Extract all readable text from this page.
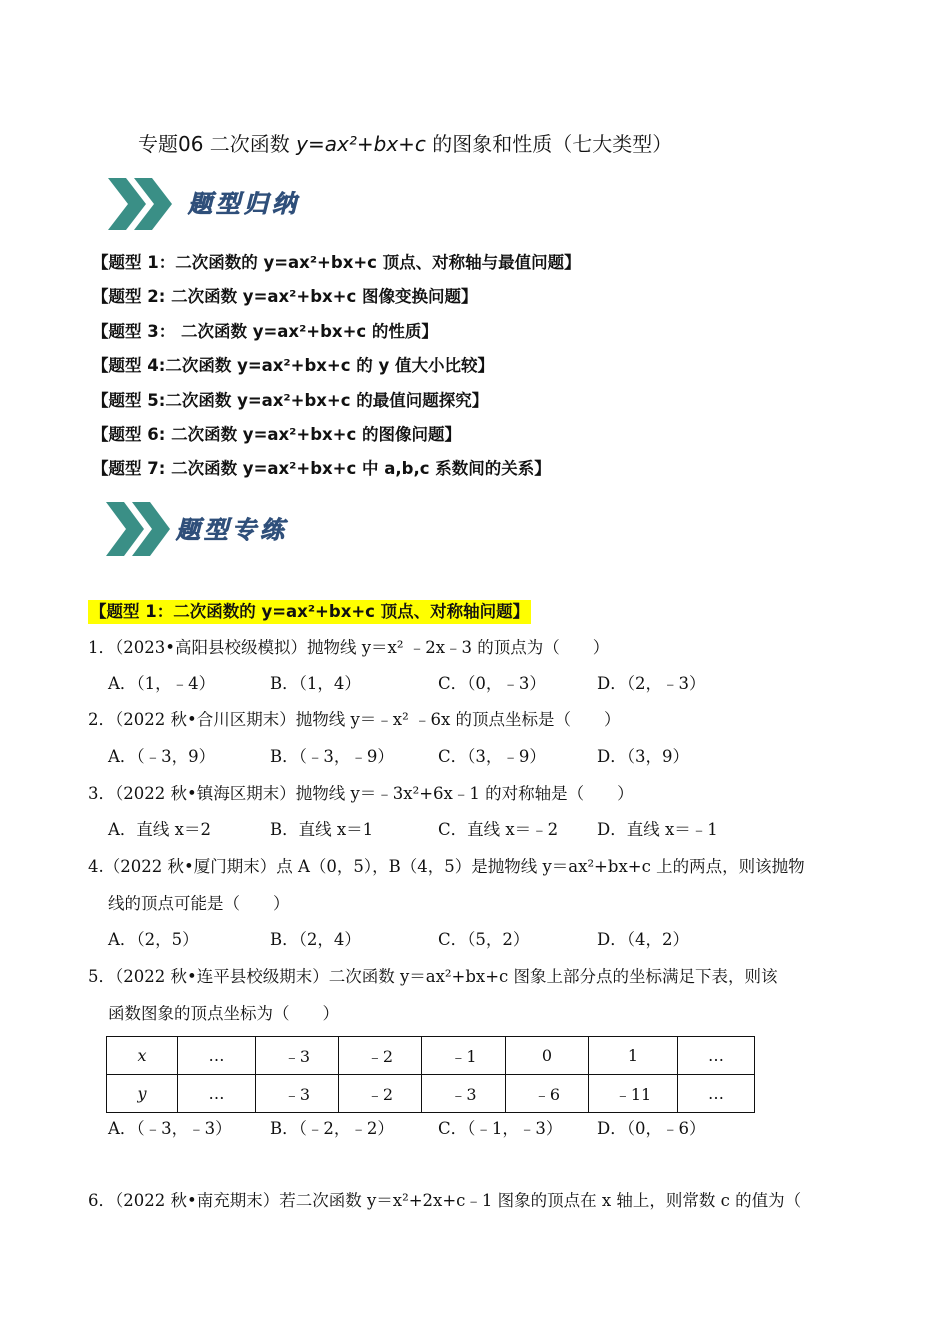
专题06 二次函数 y=ax²+bx+c 的图象和性质（七大类型）
题型归纳
【题型 1：二次函数的 y=ax²+bx+c 顶点、对称轴与最值问题】
【题型 2: 二次函数 y=ax²+bx+c 图像变换问题】
【题型 3： 二次函数 y=ax²+bx+c 的性质】
【题型 4:二次函数 y=ax²+bx+c 的 y 值大小比较】
【题型 5:二次函数 y=ax²+bx+c 的最值问题探究】
【题型 6: 二次函数 y=ax²+bx+c 的图像问题】
【题型 7: 二次函数 y=ax²+bx+c 中 a,b,c 系数间的关系】
题型专练
【题型 1：二次函数的 y=ax²+bx+c 顶点、对称轴问题】
1．（2023•高阳县校级模拟）抛物线 y＝x² ﹣2x﹣3 的顶点为（　　）
A．（1，﹣4）	B．（1，4）	C．（0，﹣3）	D．（2，﹣3）
2．（2022 秋•合川区期末）抛物线 y＝﹣x² ﹣6x 的顶点坐标是（　　）
A．（﹣3，9）	B．（﹣3，﹣9）	C．（3，﹣9）	D．（3，9）
3．（2022 秋•镇海区期末）抛物线 y＝﹣3x²+6x﹣1 的对称轴是（　　）
A．直线 x＝2	B．直线 x＝1	C．直线 x＝﹣2 D．直线 x＝﹣1
4.（2022 秋•厦门期末）点 A（0，5），B（4，5）是抛物线 y＝ax²+bx+c 上的两点，则该抛物
线的顶点可能是（　　）
A．（2，5）	B．（2，4）	C．（5，2）	D．（4，2）
5．（2022 秋•连平县校级期末）二次函数 y＝ax²+bx+c 图象上部分点的坐标满足下表，则该
函数图象的顶点坐标为（　　）
x	…	﹣3	﹣2	﹣1	0	1	…
y	…	﹣3	﹣2	﹣3	﹣6	﹣11	…
A．（﹣3，﹣3） B．（﹣2，﹣2）	C．（﹣1，﹣3） D．（0，﹣6）
6．（2022 秋•南充期末）若二次函数 y＝x²+2x+c﹣1 图象的顶点在 x 轴上，则常数 c 的值为（
